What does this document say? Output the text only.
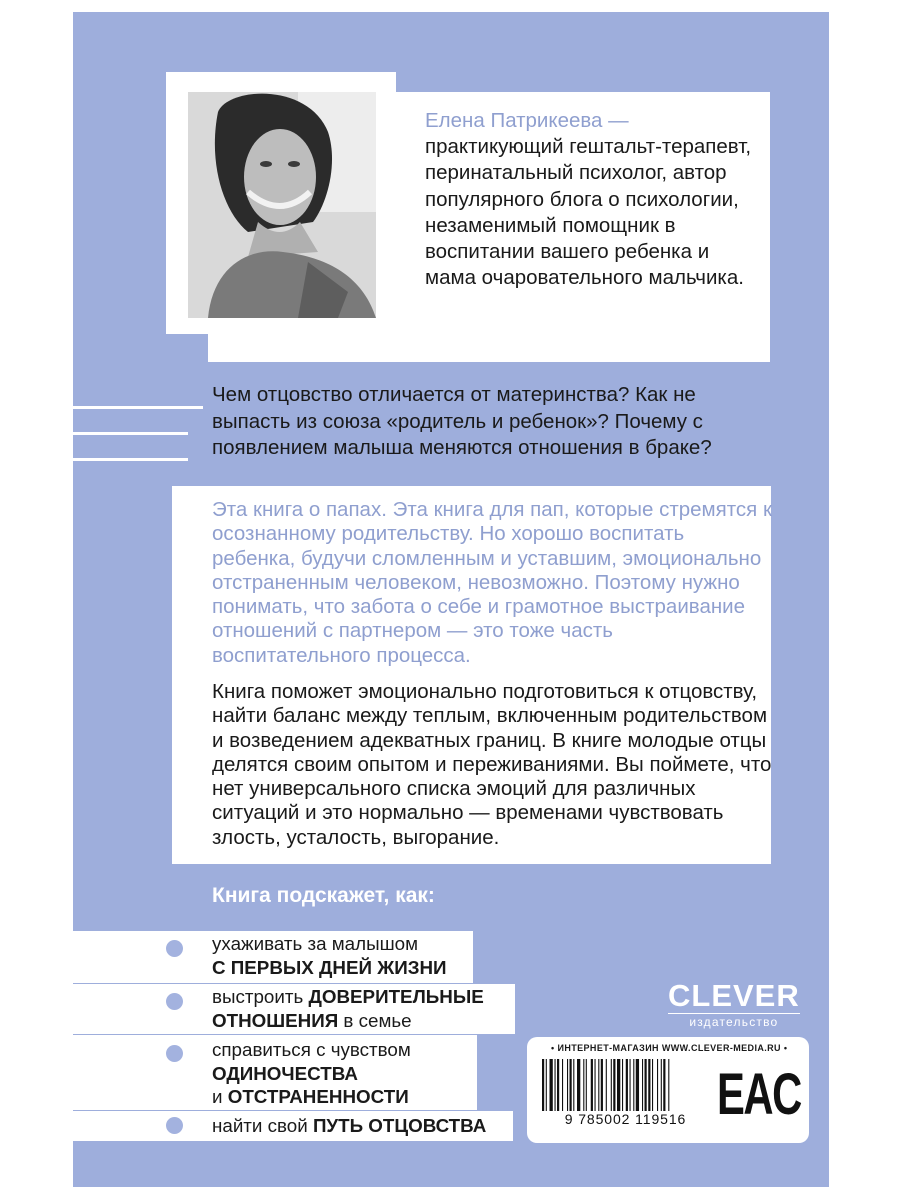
Елена Патрикеева —
практикующий гештальт-терапевт, перинатальный психолог, автор популярного блога о психологии, незаменимый помощник в воспитании вашего ребенка и мама очаровательного мальчика.
Чем отцовство отличается от материнства? Как не выпасть из союза «родитель и ребенок»? Почему с появлением малыша меняются отношения в браке?
Эта книга о папах. Эта книга для пап, которые стремятся к осознанному родительству. Но хорошо воспитать ребенка, будучи сломленным и уставшим, эмоционально отстраненным человеком, невозможно. Поэтому нужно понимать, что забота о себе и грамотное выстраивание отношений с партнером — это тоже часть воспитательного процесса.
Книга поможет эмоционально подготовиться к отцовству, найти баланс между теплым, включенным родительством и возведением адекватных границ. В книге молодые отцы делятся своим опытом и переживаниями. Вы поймете, что нет универсального списка эмоций для различных ситуаций и это нормально — временами чувствовать злость, усталость, выгорание.
Книга подскажет, как:
ухаживать за малышом
С ПЕРВЫХ ДНЕЙ ЖИЗНИ
выстроить ДОВЕРИТЕЛЬНЫЕ
ОТНОШЕНИЯ в семье
справиться с чувством
ОДИНОЧЕСТВА
и ОТСТРАНЕННОСТИ
найти свой ПУТЬ ОТЦОВСТВА
CLEVER
издательство
• ИНТЕРНЕТ-МАГАЗИН WWW.CLEVER-MEDIA.RU •
9 785002 119516 EAC
